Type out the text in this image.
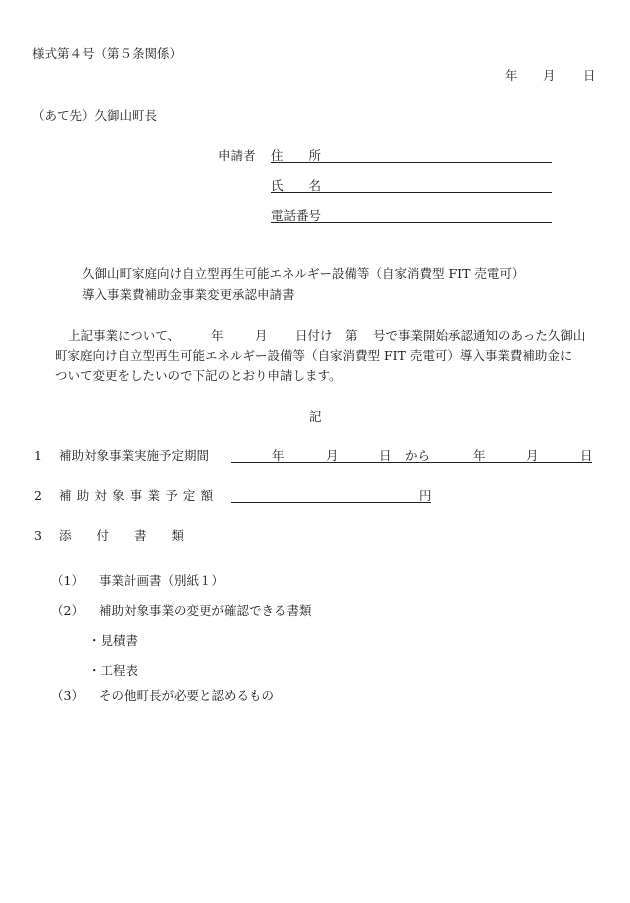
様式第４号（第５条関係）
年 月 日
（あて先）久御山町長
申請者 住　　所
氏　　名
電話番号
久御山町家庭向け自立型再生可能エネルギー設備等（自家消費型 FIT 売電可）
導入事業費補助金事業変更承認申請書
上記事業について、 年	月 日付け 第 号で事業開始承認通知のあった久御山
町家庭向け自立型再生可能エネルギー設備等（自家消費型 FIT 売電可）導入事業費補助金に
ついて変更をしたいので下記のとおり申請します。
記
1 補助対象事業実施予定期間	年	月	日 から	年	月	日
2 補助対象事業予定額	円
3 添　　付　　書　　類
（1） 事業計画書（別紙１）
（2） 補助対象事業の変更が確認できる書類
・見積書
・工程表
（3） その他町長が必要と認めるもの
